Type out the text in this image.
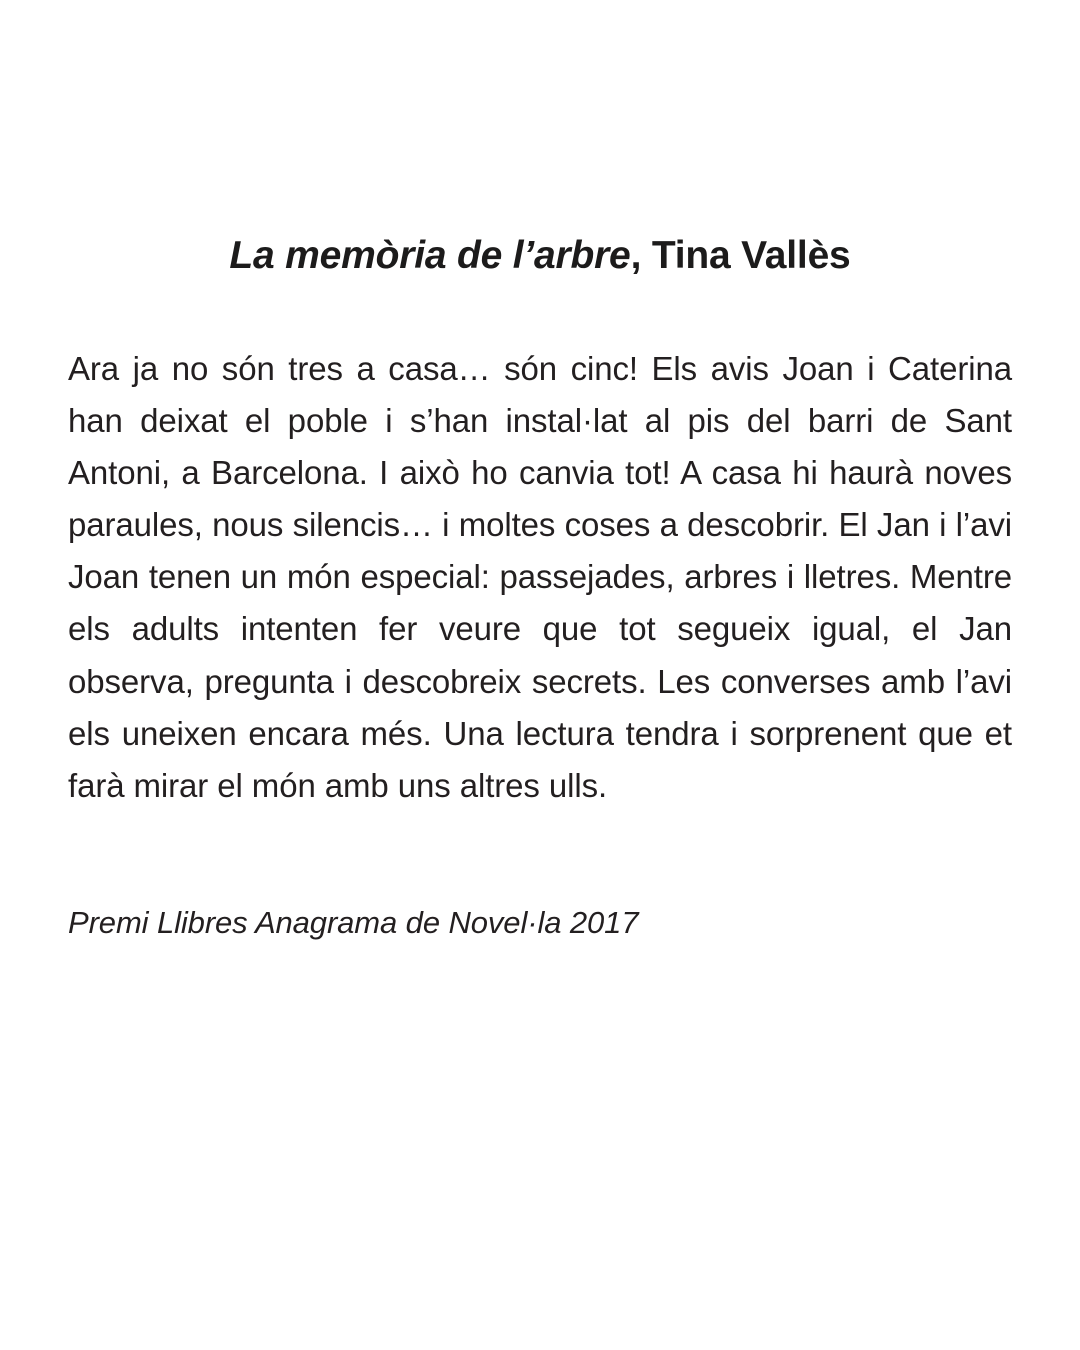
La memòria de l’arbre, Tina Vallès

Ara ja no són tres a casa… són cinc! Els avis Joan i Caterina han deixat el poble i s’han instal·lat al pis del barri de Sant Antoni, a Barcelona. I això ho canvia tot! A casa hi haurà noves paraules, nous silencis… i moltes coses a descobrir. El Jan i l’avi Joan tenen un món especial: passejades, arbres i lletres. Mentre els adults intenten fer veure que tot segueix igual, el Jan observa, pregunta i descobreix secrets. Les converses amb l’avi els uneixen encara més. Una lectura tendra i sorprenent que et farà mirar el món amb uns altres ulls.

Premi Llibres Anagrama de Novel·la 2017
